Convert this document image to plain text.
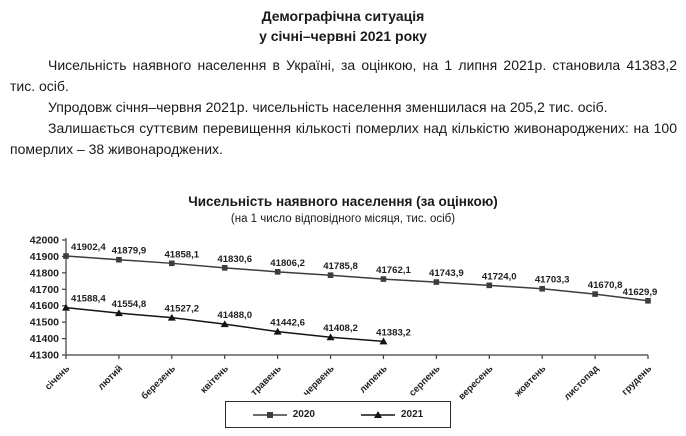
Демографічна ситуація
у січні–червні 2021 року

Чисельність наявного населення в Україні, за оцінкою, на 1 липня 2021р. становила 41383,2 тис. осіб.

Упродовж січня–червня 2021р. чисельність населення зменшилася на 205,2 тис. осіб.

Залишається суттєвим перевищення кількості померлих над кількістю живонароджених: на 100 померлих – 38 живонароджених.

Чисельність наявного населення (за оцінкою)
(на 1 число відповідного місяця, тис. осіб)
41300
41400
41500
41600
41700
41800
41900
42000
січень лютий березень квітень травень червень липень серпень вересень жовтень листопад грудень
41902,4 41879,9 41858,1 41830,6 41806,2 41785,8 41762,1 41743,9 41724,0 41703,3 41670,8
41629,9
41588,4
41554,8 41527,2
41488,0
41442,6
41408,2 41383,2
2020	2021
